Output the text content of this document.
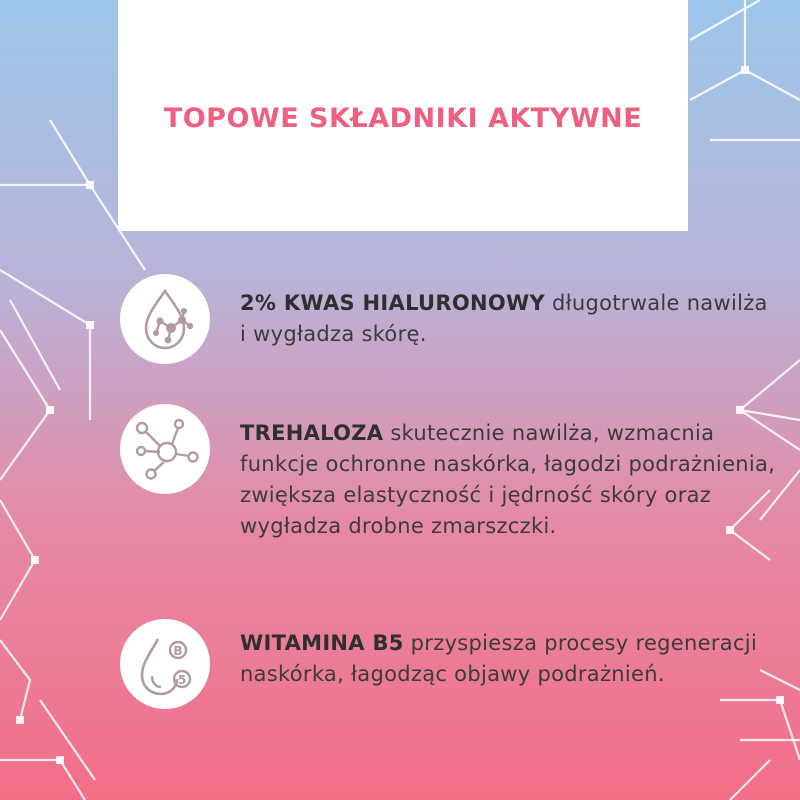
TOPOWE SKŁADNIKI AKTYWNE
2% KWAS HIALURONOWY długotrwale nawilża i wygładza skórę.
TREHALOZA skutecznie nawilża, wzmacnia funkcje ochronne naskórka, łagodzi podrażnienia, zwiększa elastyczność i jędrność skóry oraz wygładza drobne zmarszczki.
B
5
WITAMINA B5 przyspiesza procesy regeneracji naskórka, łagodząc objawy podrażnień.
